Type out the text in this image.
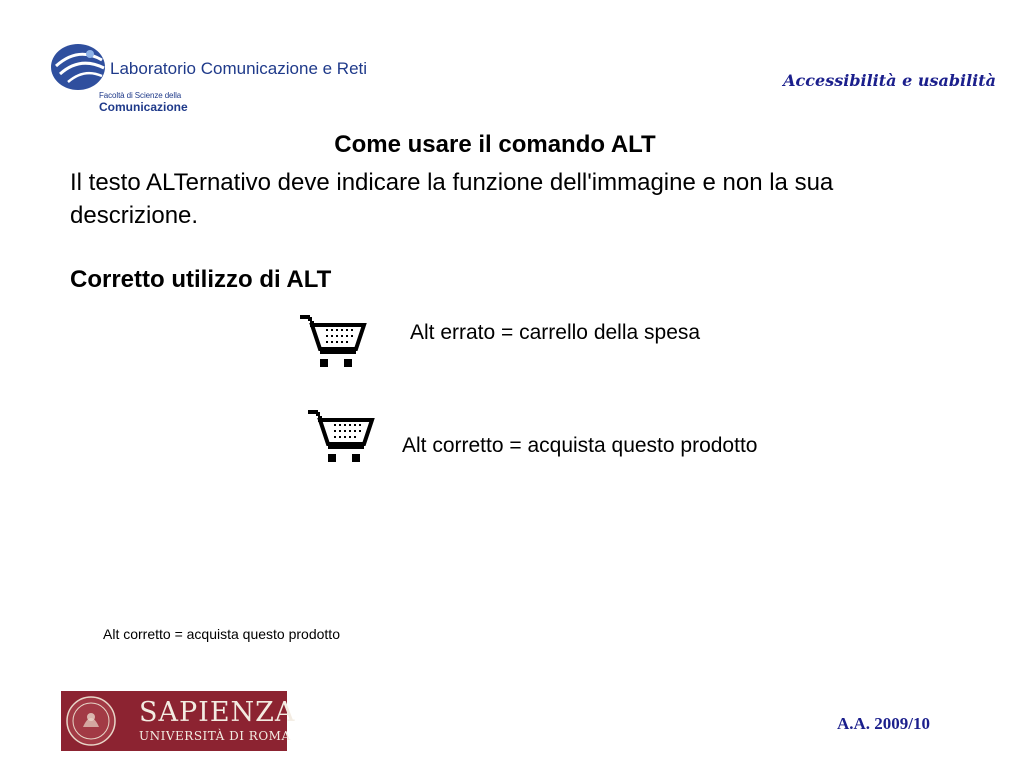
Laboratorio Comunicazione e Reti
Facoltà di Scienze della
Comunicazione
Accessibilità e usabilità
Come usare il comando ALT
Il testo ALTernativo deve indicare la funzione dell'immagine e non la sua descrizione.
Corretto utilizzo di ALT
Alt errato = carrello della spesa
Alt corretto = acquista questo prodotto
Alt corretto = acquista questo prodotto
SAPIENZA
UNIVERSITÀ DI ROMA
A.A. 2009/10
